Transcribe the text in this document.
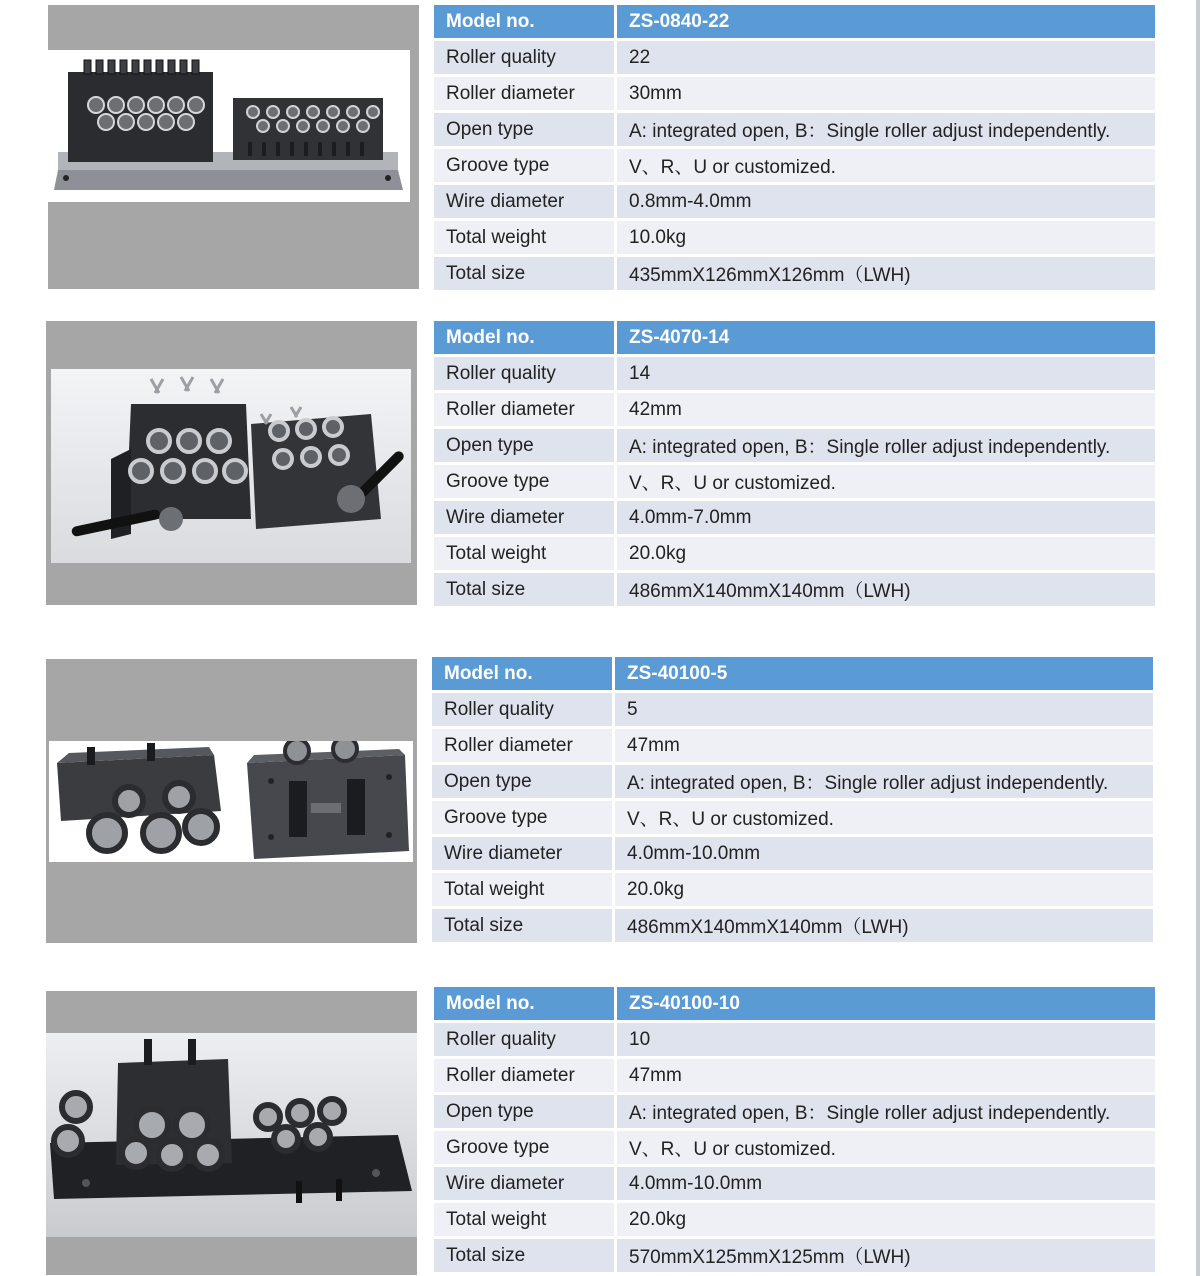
Model no.	ZS-0840-22
Roller quality	22
Roller diameter	30mm
Open type	A: integrated open, B：Single roller adjust independently.
Groove type	V、R、U or customized.
Wire diameter	0.8mm-4.0mm
Total weight	10.0kg
Total size	435mmX126mmX126mm（LWH)
Model no.	ZS-4070-14
Roller quality	14
Roller diameter	42mm
Open type	A: integrated open, B：Single roller adjust independently.
Groove type	V、R、U or customized.
Wire diameter	4.0mm-7.0mm
Total weight	20.0kg
Total size	486mmX140mmX140mm（LWH)
Model no.	ZS-40100-5
Roller quality	5
Roller diameter	47mm
Open type	A: integrated open, B：Single roller adjust independently.
Groove type	V、R、U or customized.
Wire diameter	4.0mm-10.0mm
Total weight	20.0kg
Total size	486mmX140mmX140mm（LWH)
Model no.	ZS-40100-10
Roller quality	10
Roller diameter	47mm
Open type	A: integrated open, B：Single roller adjust independently.
Groove type	V、R、U or customized.
Wire diameter	4.0mm-10.0mm
Total weight	20.0kg
Total size	570mmX125mmX125mm（LWH)
